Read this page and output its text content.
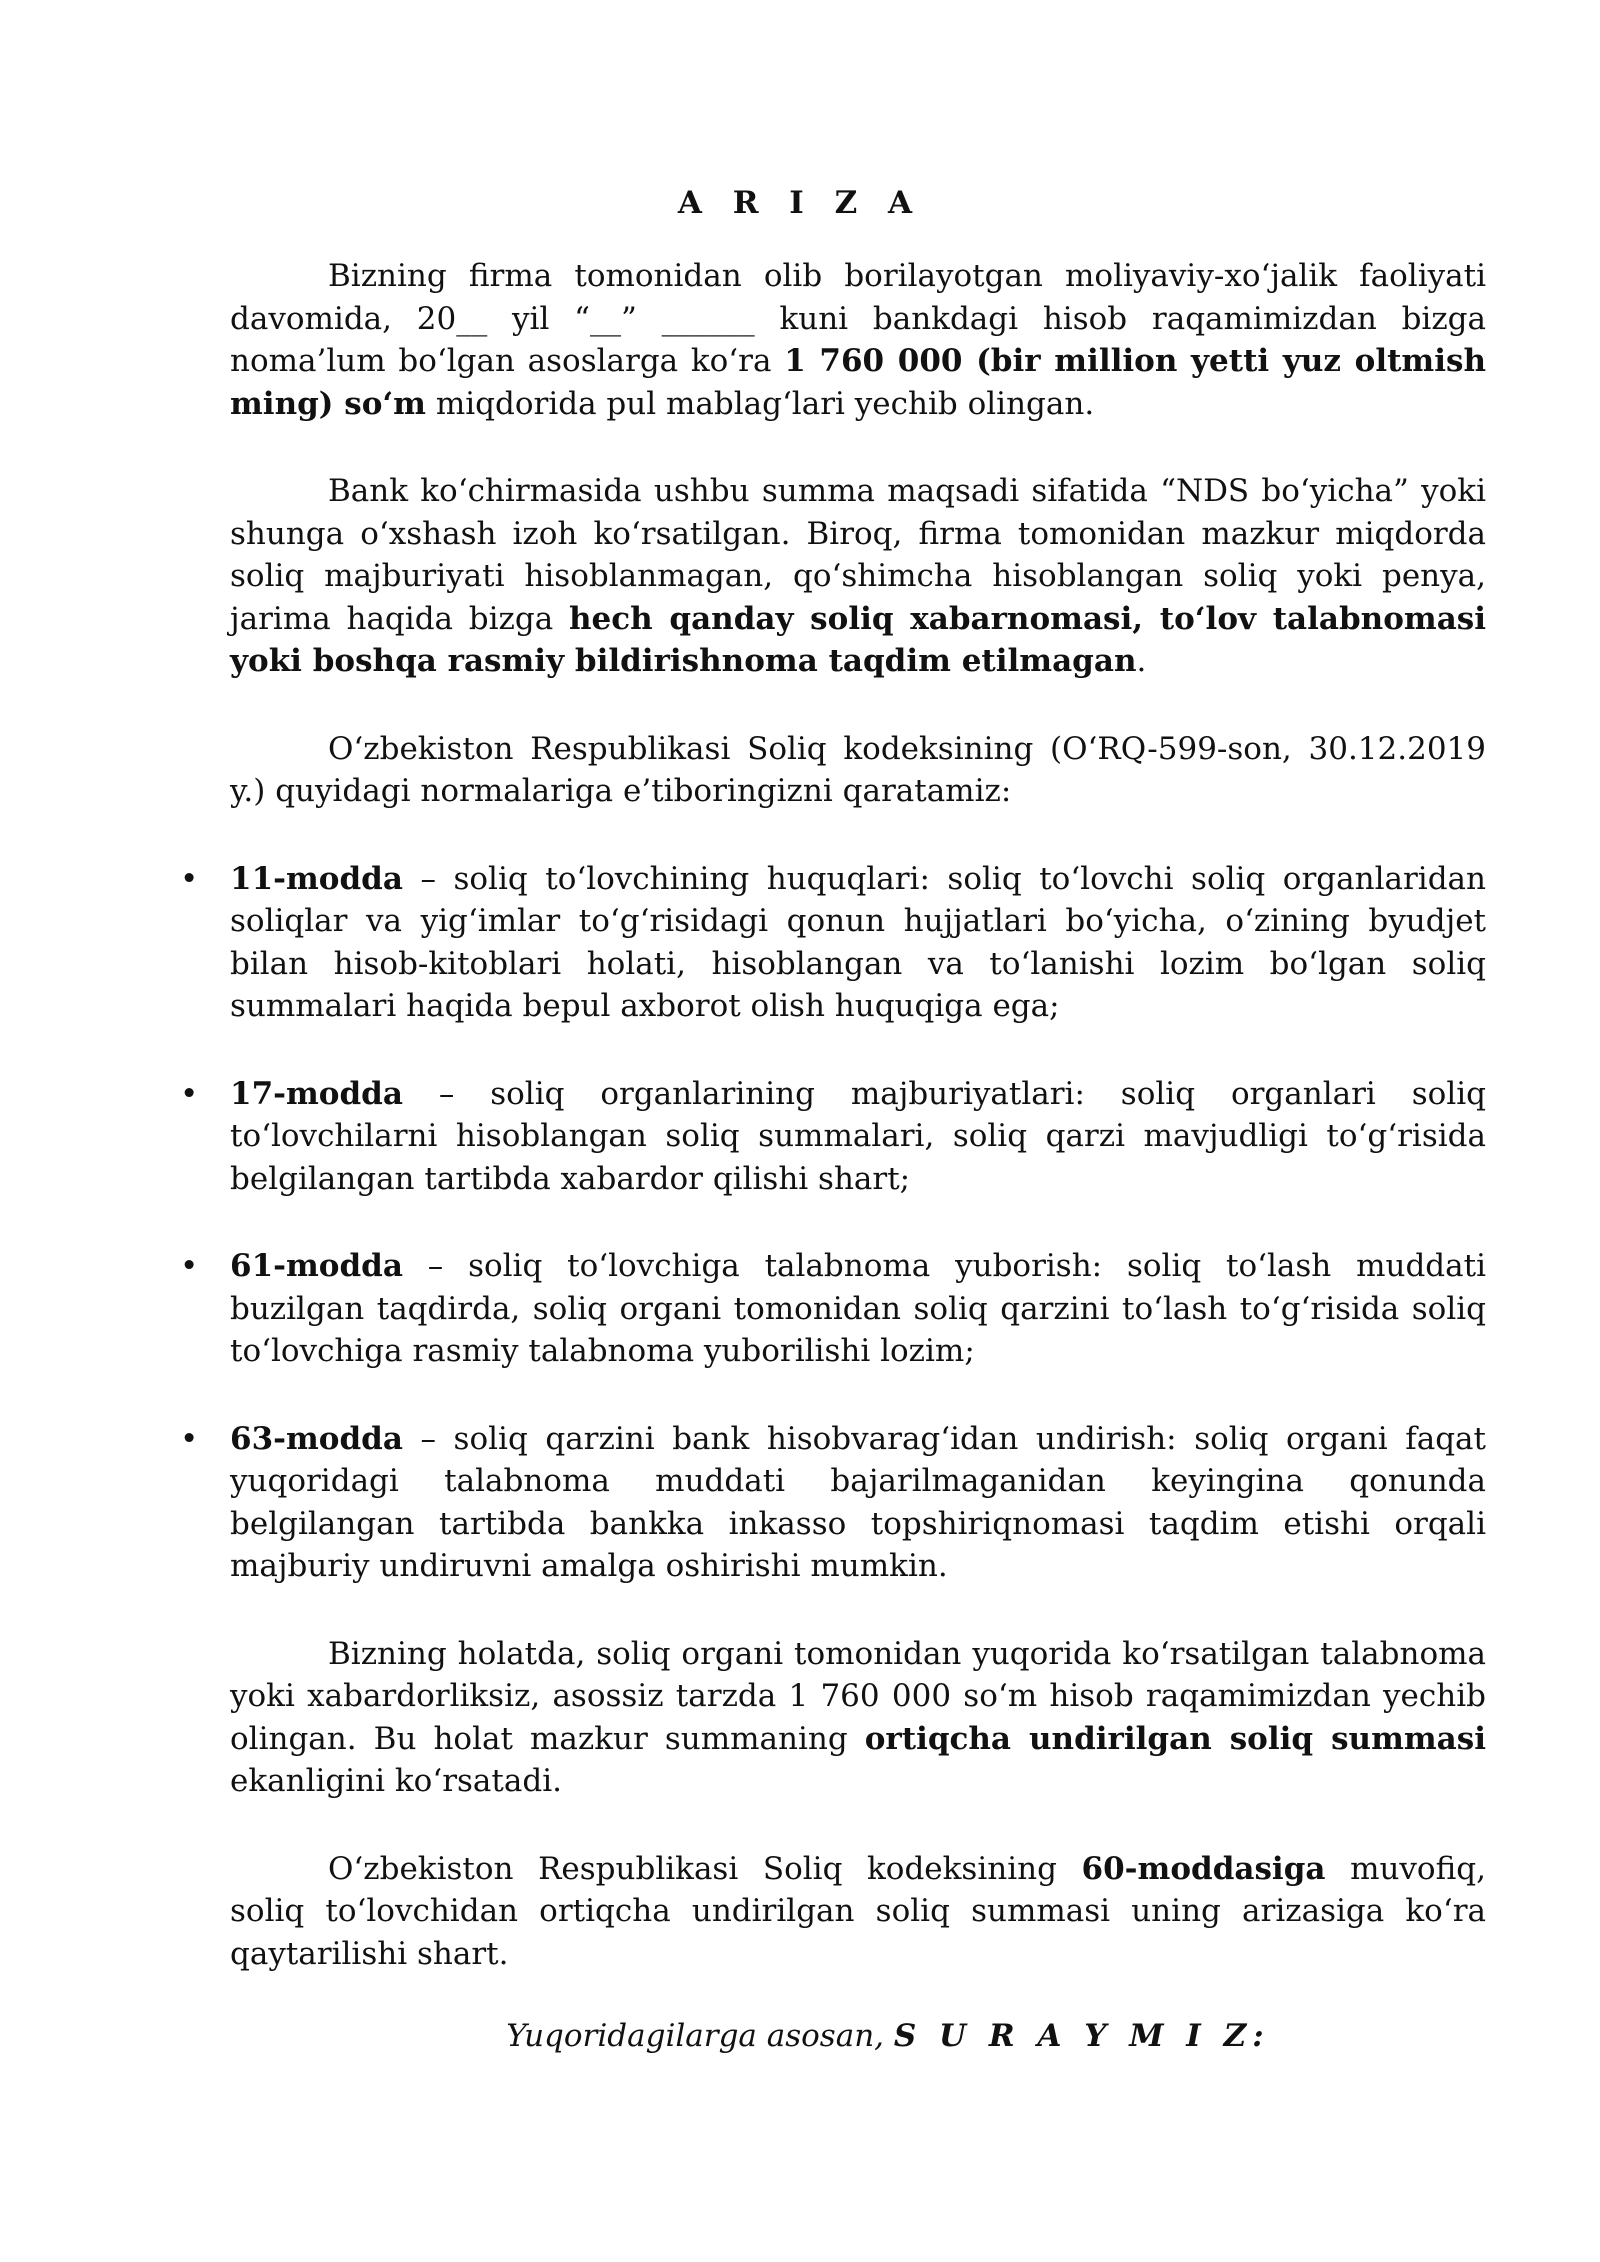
A R I Z A

Bizning firma tomonidan olib borilayotgan moliyaviy-xo‘jalik faoliyati davomida, 20__ yil “__” ______ kuni bankdagi hisob raqamimizdan bizga noma’lum bo‘lgan asoslarga ko‘ra 1 760 000 (bir million yetti yuz oltmish ming) so‘m miqdorida pul mablag‘lari yechib olingan.

Bank ko‘chirmasida ushbu summa maqsadi sifatida “NDS bo‘yicha” yoki shunga o‘xshash izoh ko‘rsatilgan. Biroq, firma tomonidan mazkur miqdorda soliq majburiyati hisoblanmagan, qo‘shimcha hisoblangan soliq yoki penya, jarima haqida bizga hech qanday soliq xabarnomasi, to‘lov talabnomasi yoki boshqa rasmiy bildirishnoma taqdim etilmagan.

O‘zbekiston Respublikasi Soliq kodeksining (O‘RQ-599-son, 30.12.2019 y.) quyidagi normalariga e’tiboringizni qaratamiz:

• 11-modda – soliq to‘lovchining huquqlari: soliq to‘lovchi soliq organlaridan soliqlar va yig‘imlar to‘g‘risidagi qonun hujjatlari bo‘yicha, o‘zining byudjet bilan hisob-kitoblari holati, hisoblangan va to‘lanishi lozim bo‘lgan soliq summalari haqida bepul axborot olish huquqiga ega;
• 17-modda – soliq organlarining majburiyatlari: soliq organlari soliq to‘lovchilarni hisoblangan soliq summalari, soliq qarzi mavjudligi to‘g‘risida belgilangan tartibda xabardor qilishi shart;
• 61-modda – soliq to‘lovchiga talabnoma yuborish: soliq to‘lash muddati buzilgan taqdirda, soliq organi tomonidan soliq qarzini to‘lash to‘g‘risida soliq to‘lovchiga rasmiy talabnoma yuborilishi lozim;
• 63-modda – soliq qarzini bank hisobvarag‘idan undirish: soliq organi faqat yuqoridagi talabnoma muddati bajarilmaganidan keyingina qonunda belgilangan tartibda bankka inkasso topshiriqnomasi taqdim etishi orqali majburiy undiruvni amalga oshirishi mumkin.

Bizning holatda, soliq organi tomonidan yuqorida ko‘rsatilgan talabnoma yoki xabardorliksiz, asossiz tarzda 1 760 000 so‘m hisob raqamimizdan yechib olingan. Bu holat mazkur summaning ortiqcha undirilgan soliq summasi ekanligini ko‘rsatadi.

O‘zbekiston Respublikasi Soliq kodeksining 60-moddasiga muvofiq, soliq to‘lovchidan ortiqcha undirilgan soliq summasi uning arizasiga ko‘ra qaytarilishi shart.

Yuqoridagilarga asosan, S U R A Y M I Z:
